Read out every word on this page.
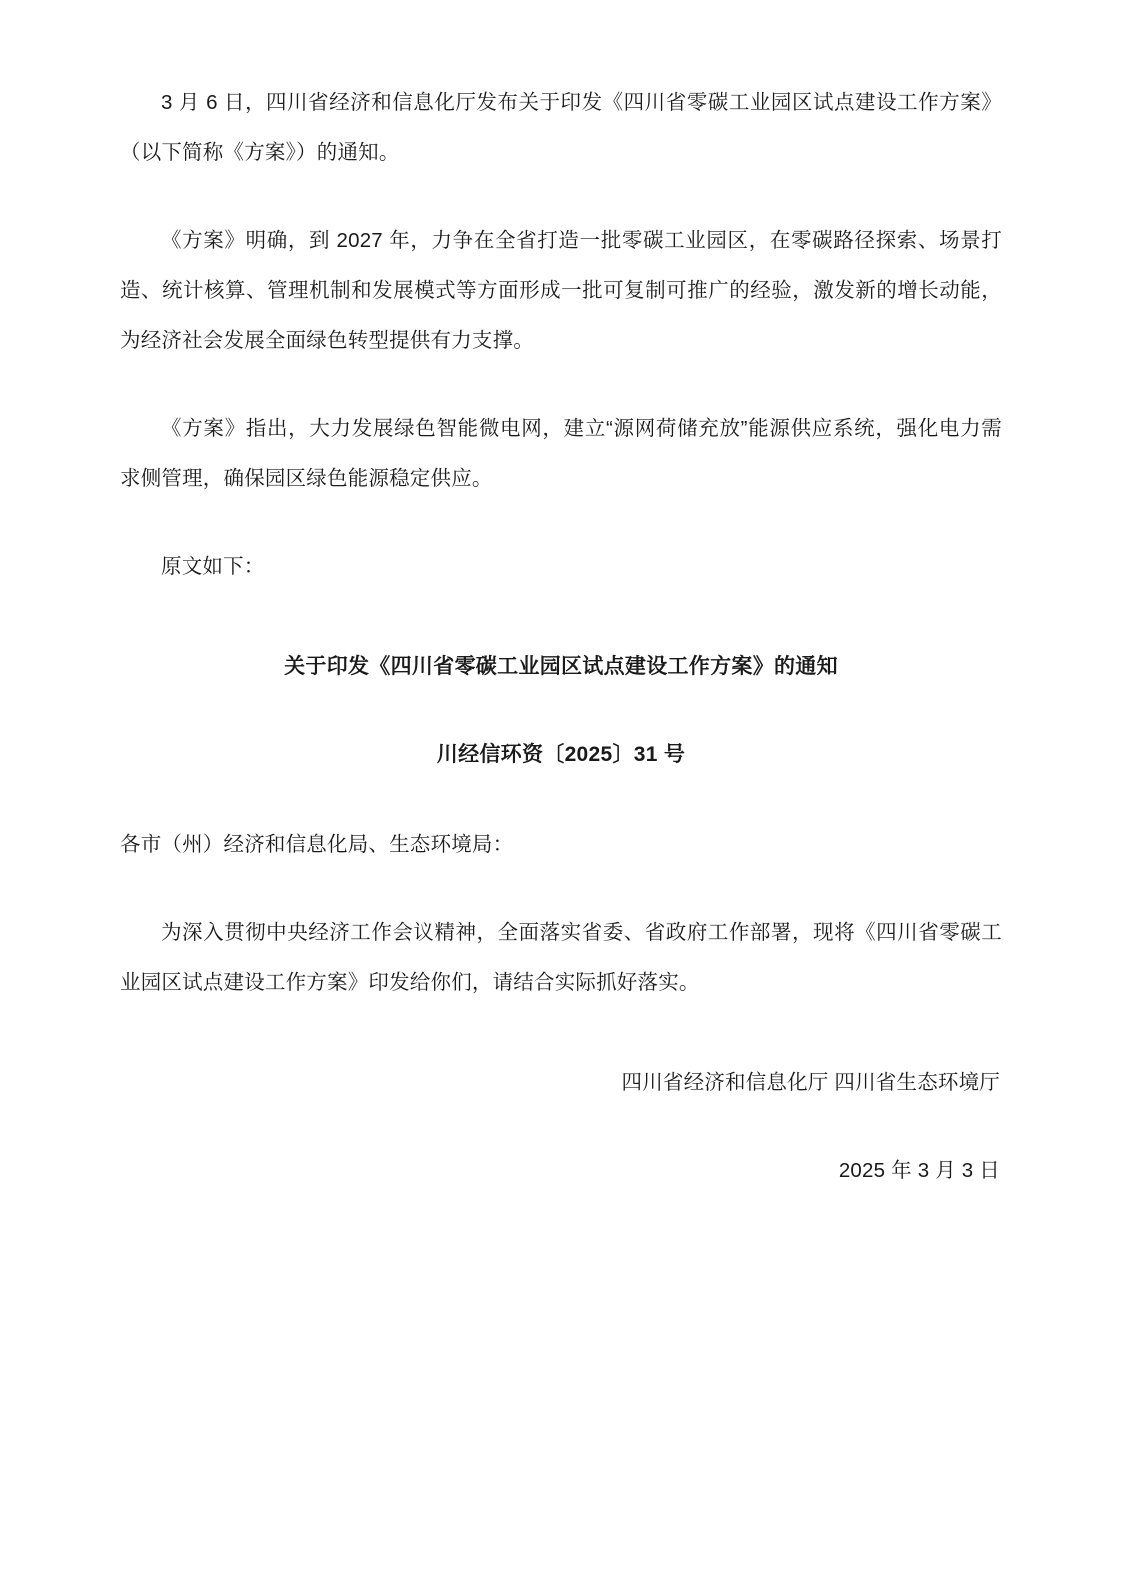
3 月 6 日，四川省经济和信息化厅发布关于印发《四川省零碳工业园区试点建设工作方案》（以下简称《方案》）的通知。

《方案》明确，到 2027 年，力争在全省打造一批零碳工业园区，在零碳路径探索、场景打造、统计核算、管理机制和发展模式等方面形成一批可复制可推广的经验，激发新的增长动能，为经济社会发展全面绿色转型提供有力支撑。

《方案》指出，大力发展绿色智能微电网，建立“源网荷储充放”能源供应系统，强化电力需求侧管理，确保园区绿色能源稳定供应。

原文如下：

关于印发《四川省零碳工业园区试点建设工作方案》的通知

川经信环资〔2025〕31 号

各市（州）经济和信息化局、生态环境局：

为深入贯彻中央经济工作会议精神，全面落实省委、省政府工作部署，现将《四川省零碳工业园区试点建设工作方案》印发给你们，请结合实际抓好落实。

四川省经济和信息化厅 四川省生态环境厅

2025 年 3 月 3 日
